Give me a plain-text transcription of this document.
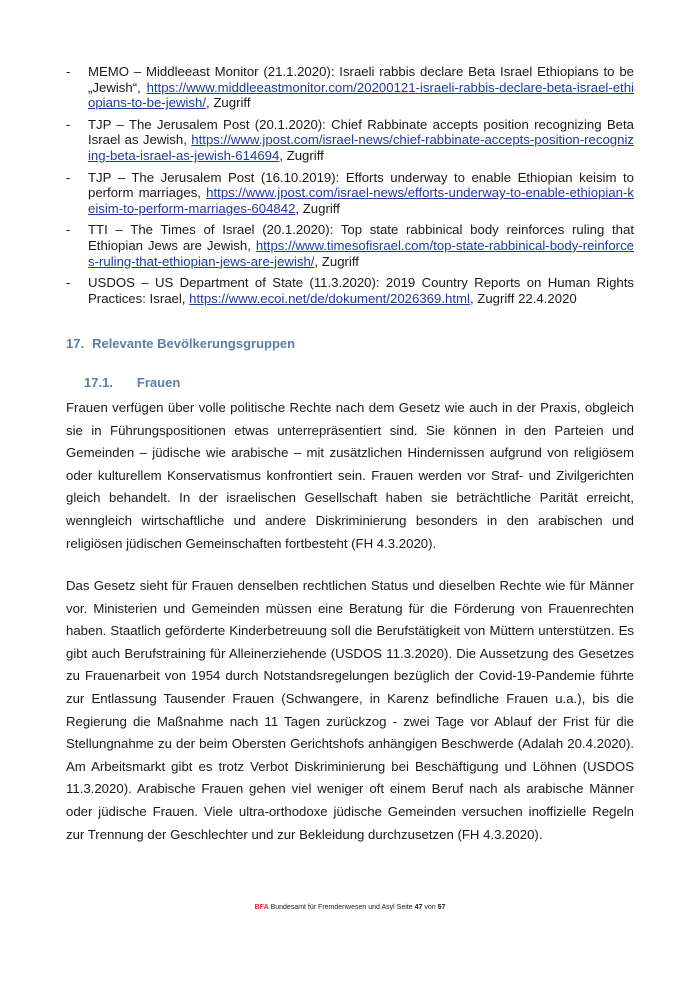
- MEMO – Middleeast Monitor (21.1.2020): Israeli rabbis declare Beta Israel Ethiopians to be „Jewish“, https://www.middleeastmonitor.com/20200121-israeli-rabbis-declare-beta-israel-ethiopians-to-be-jewish/, Zugriff
- TJP – The Jerusalem Post (20.1.2020): Chief Rabbinate accepts position recognizing Beta Israel as Jewish, https://www.jpost.com/israel-news/chief-rabbinate-accepts-position-recognizing-beta-israel-as-jewish-614694, Zugriff
- TJP – The Jerusalem Post (16.10.2019): Efforts underway to enable Ethiopian keisim to perform marriages, https://www.jpost.com/israel-news/efforts-underway-to-enable-ethiopian-keisim-to-perform-marriages-604842, Zugriff
- TTI – The Times of Israel (20.1.2020): Top state rabbinical body reinforces ruling that Ethiopian Jews are Jewish, https://www.timesofisrael.com/top-state-rabbinical-body-reinforces-ruling-that-ethiopian-jews-are-jewish/, Zugriff
- USDOS – US Department of State (11.3.2020): 2019 Country Reports on Human Rights Practices: Israel, https://www.ecoi.net/de/dokument/2026369.html, Zugriff 22.4.2020
17. Relevante Bevölkerungsgruppen
17.1. Frauen

Frauen verfügen über volle politische Rechte nach dem Gesetz wie auch in der Praxis, obgleich sie in Führungspositionen etwas unterrepräsentiert sind. Sie können in den Parteien und Gemeinden – jüdische wie arabische – mit zusätzlichen Hindernissen aufgrund von religiösem oder kulturellem Konservatismus konfrontiert sein. Frauen werden vor Straf- und Zivilgerichten gleich behandelt. In der israelischen Gesellschaft haben sie beträchtliche Parität erreicht, wenngleich wirtschaftliche und andere Diskriminierung besonders in den arabischen und religiösen jüdischen Gemeinschaften fortbesteht (FH 4.3.2020).

Das Gesetz sieht für Frauen denselben rechtlichen Status und dieselben Rechte wie für Männer vor. Ministerien und Gemeinden müssen eine Beratung für die Förderung von Frauenrechten haben. Staatlich geförderte Kinderbetreuung soll die Berufstätigkeit von Müttern unterstützen. Es gibt auch Berufstraining für Alleinerziehende (USDOS 11.3.2020). Die Aussetzung des Gesetzes zu Frauenarbeit von 1954 durch Notstandsregelungen bezüglich der Covid-19-Pandemie führte zur Entlassung Tausender Frauen (Schwangere, in Karenz befindliche Frauen u.a.), bis die Regierung die Maßnahme nach 11 Tagen zurückzog - zwei Tage vor Ablauf der Frist für die Stellungnahme zu der beim Obersten Gerichtshofs anhängigen Beschwerde (Adalah 20.4.2020). Am Arbeitsmarkt gibt es trotz Verbot Diskriminierung bei Beschäftigung und Löhnen (USDOS 11.3.2020). Arabische Frauen gehen viel weniger oft einem Beruf nach als arabische Männer oder jüdische Frauen. Viele ultra-orthodoxe jüdische Gemeinden versuchen inoffizielle Regeln zur Trennung der Geschlechter und zur Bekleidung durchzusetzen (FH 4.3.2020).

BFA Bundesamt für Fremdenwesen und Asyl Seite 47 von 57
